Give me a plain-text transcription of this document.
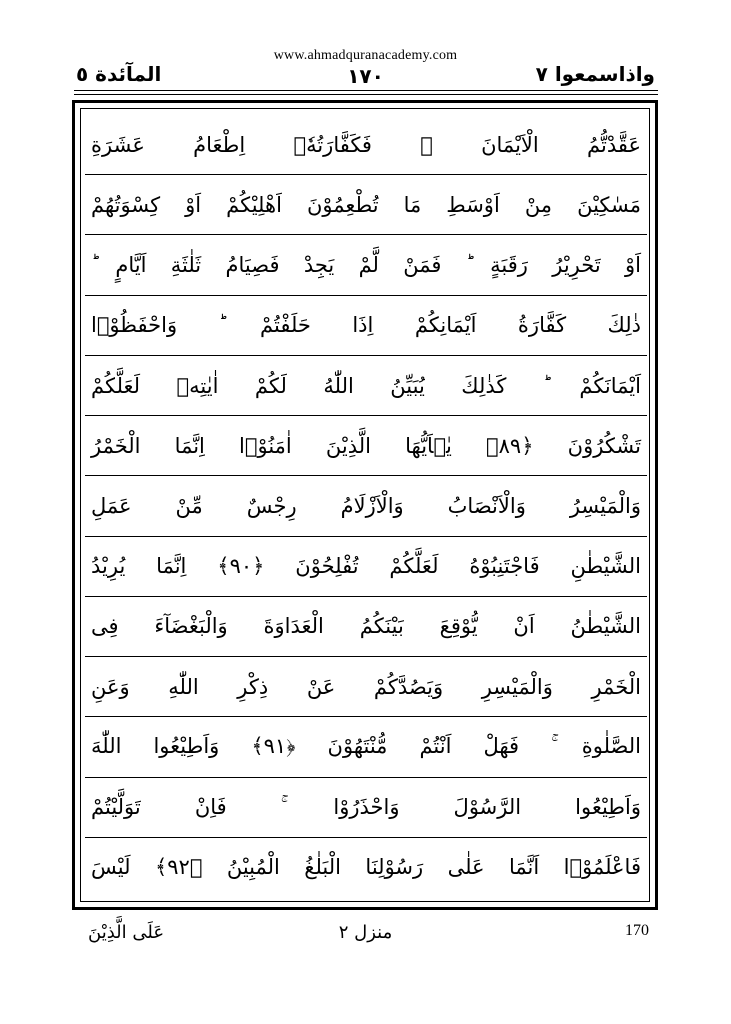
www.ahmadquranacademy.com
واذاسمعوا ٧
١٧٠
المآئدة ٥
عَقَّدْتُّمُ الْاَيْمَانَ ۚ فَكَفَّارَتُهٗۤ اِطْعَامُ عَشَرَةِ
مَسٰكِيْنَ مِنْ اَوْسَطِ مَا تُطْعِمُوْنَ اَهْلِيْكُمْ اَوْ كِسْوَتُهُمْ
اَوْ تَحْرِيْرُ رَقَبَةٍ ؕ فَمَنْ لَّمْ يَجِدْ فَصِيَامُ ثَلٰثَةِ اَيَّامٍ ؕ
ذٰلِكَ كَفَّارَةُ اَيْمَانِكُمْ اِذَا حَلَفْتُمْ ؕ وَاحْفَظُوْۤا
اَيْمَانَكُمْ ؕ كَذٰلِكَ يُبَيِّنُ اللّٰهُ لَكُمْ اٰيٰتِهٖ لَعَلَّكُمْ
تَشْكُرُوْنَ ﴿٨٩﴾ يٰۤاَيُّهَا الَّذِيْنَ اٰمَنُوْۤا اِنَّمَا الْخَمْرُ
وَالْمَيْسِرُ وَالْاَنْصَابُ وَالْاَزْلَامُ رِجْسٌ مِّنْ عَمَلِ
الشَّيْطٰنِ فَاجْتَنِبُوْهُ لَعَلَّكُمْ تُفْلِحُوْنَ ﴿٩٠﴾ اِنَّمَا يُرِيْدُ
الشَّيْطٰنُ اَنْ يُّوْقِعَ بَيْنَكُمُ الْعَدَاوَةَ وَالْبَغْضَآءَ فِى
الْخَمْرِ وَالْمَيْسِرِ وَيَصُدَّكُمْ عَنْ ذِكْرِ اللّٰهِ وَعَنِ
الصَّلٰوةِ ۚ فَهَلْ اَنْتُمْ مُّنْتَهُوْنَ ﴿٩١﴾ وَاَطِيْعُوا اللّٰهَ
وَاَطِيْعُوا الرَّسُوْلَ وَاحْذَرُوْا ۚ فَاِنْ تَوَلَّيْتُمْ
فَاعْلَمُوْۤا اَنَّمَا عَلٰى رَسُوْلِنَا الْبَلٰغُ الْمُبِيْنُ ﴿٩٢﴾ لَيْسَ
عَلَى الَّذِيْنَ	منزل ٢	170
